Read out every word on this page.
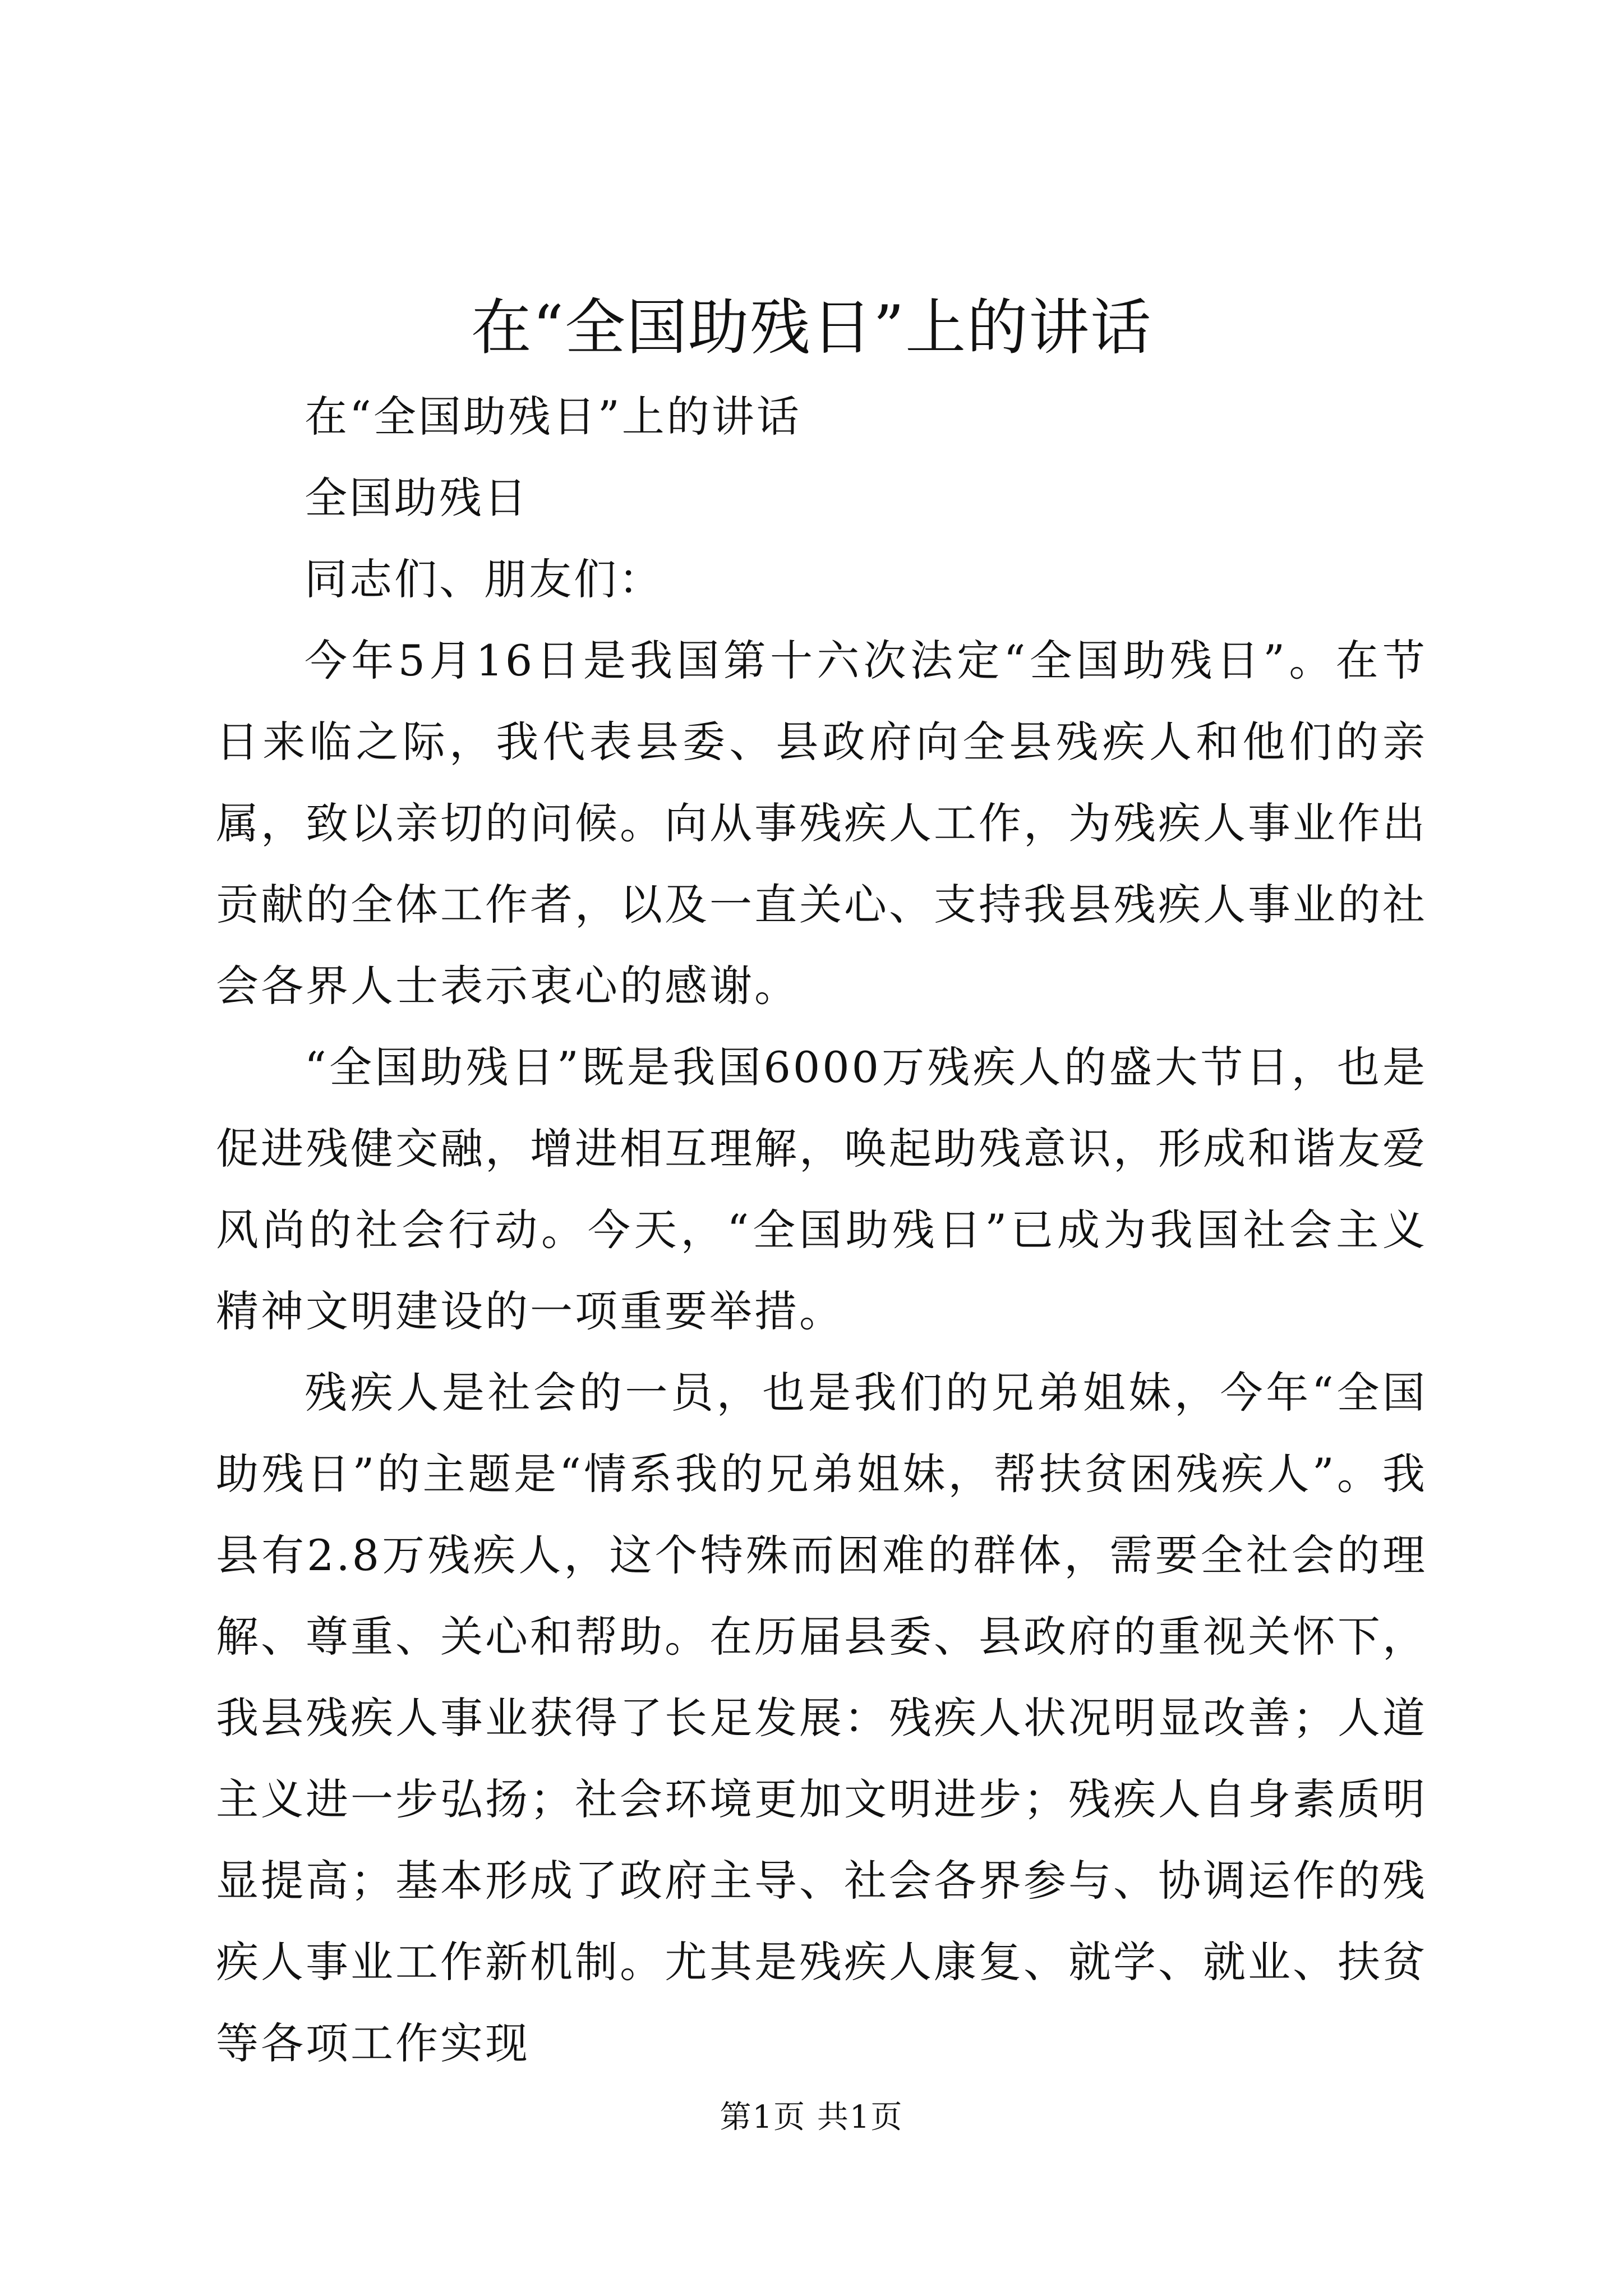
在“全国助残日”上的讲话

在“全国助残日”上的讲话

全国助残日

同志们、朋友们：

今年5月16日是我国第十六次法定“全国助残日”。在节日来临之际，我代表县委、县政府向全县残疾人和他们的亲属，致以亲切的问候。向从事残疾人工作，为残疾人事业作出贡献的全体工作者，以及一直关心、支持我县残疾人事业的社会各界人士表示衷心的感谢。

“全国助残日”既是我国6000万残疾人的盛大节日，也是促进残健交融，增进相互理解，唤起助残意识，形成和谐友爱风尚的社会行动。今天，“全国助残日”已成为我国社会主义精神文明建设的一项重要举措。

残疾人是社会的一员，也是我们的兄弟姐妹，今年“全国助残日”的主题是“情系我的兄弟姐妹，帮扶贫困残疾人”。我县有2.8万残疾人，这个特殊而困难的群体，需要全社会的理解、尊重、关心和帮助。在历届县委、县政府的重视关怀下，我县残疾人事业获得了长足发展：残疾人状况明显改善；人道主义进一步弘扬；社会环境更加文明进步；残疾人自身素质明显提高；基本形成了政府主导、社会各界参与、协调运作的残疾人事业工作新机制。尤其是残疾人康复、就学、就业、扶贫等各项工作实现

第1页 共1页
